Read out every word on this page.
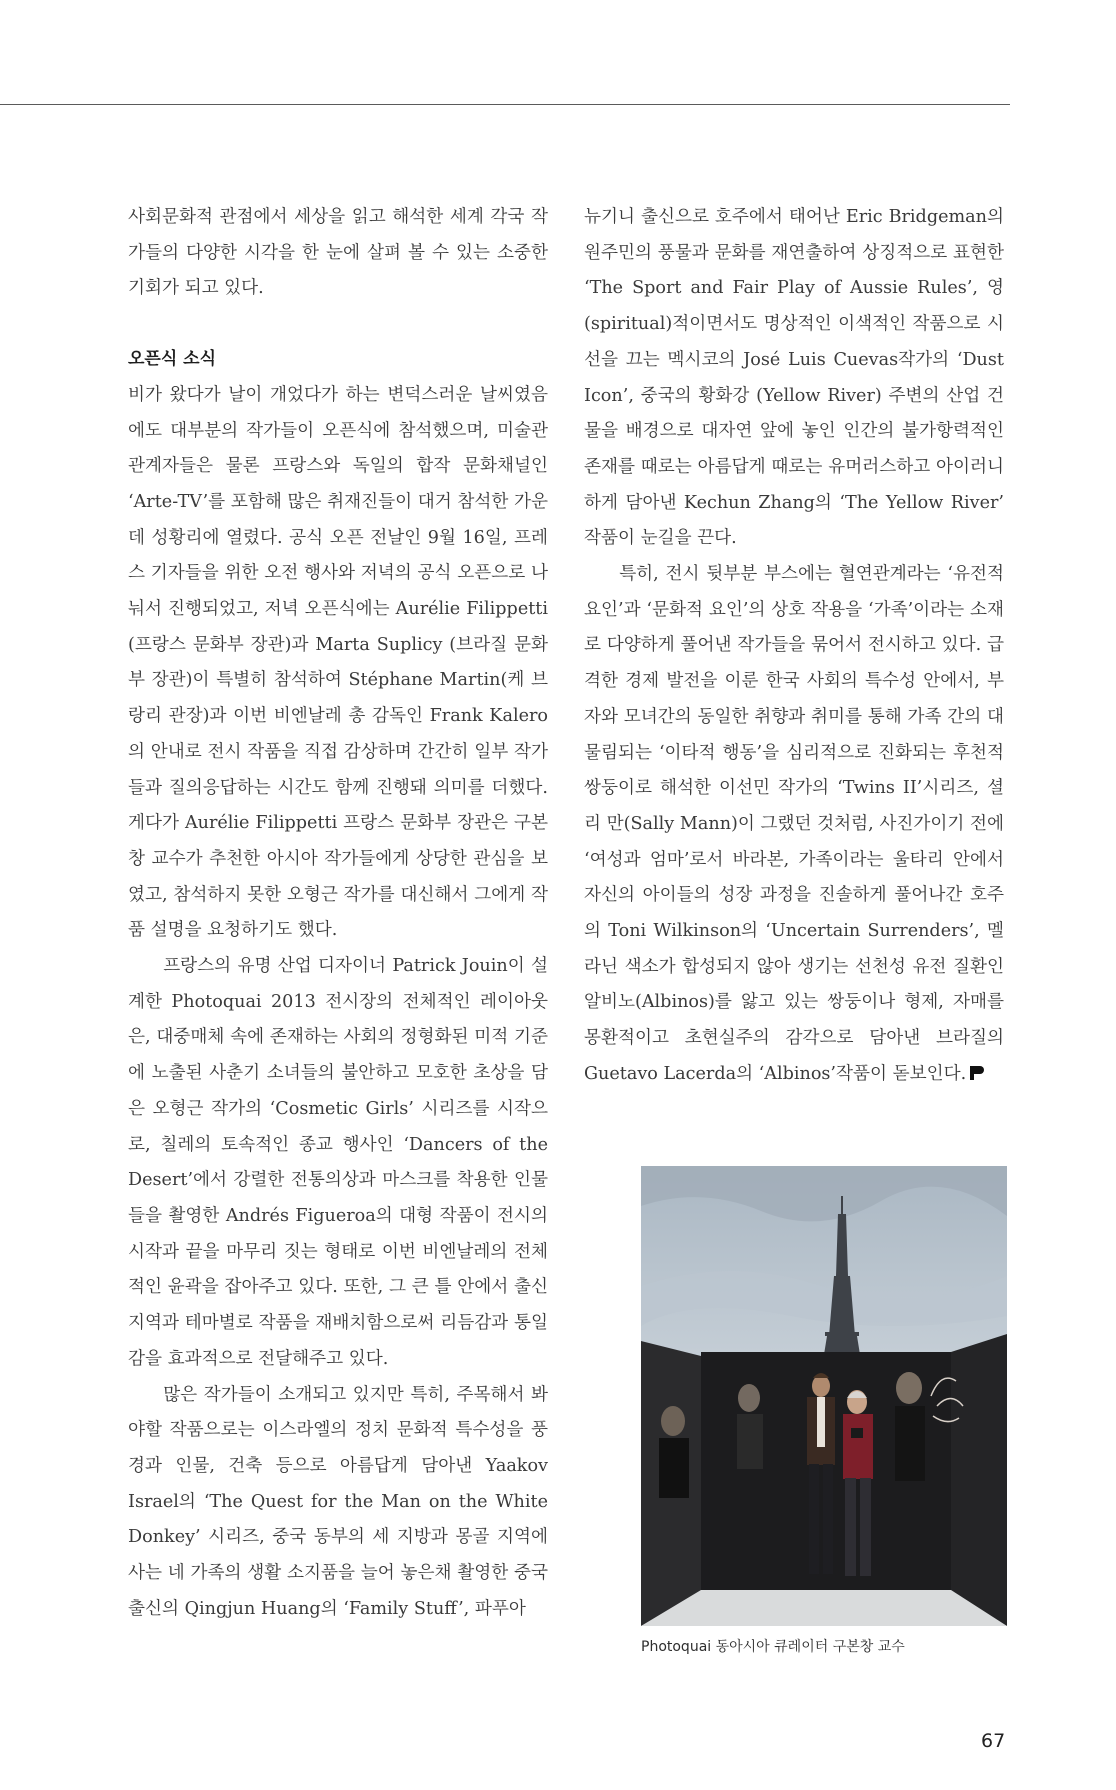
사회문화적 관점에서 세상을 읽고 해석한 세계 각국 작가들의 다양한 시각을 한 눈에 살펴 볼 수 있는 소중한 기회가 되고 있다.

오픈식 소식

비가 왔다가 날이 개었다가 하는 변덕스러운 날씨였음에도 대부분의 작가들이 오픈식에 참석했으며, 미술관 관계자들은 물론 프랑스와 독일의 합작 문화채널인 ‘Arte-TV’를 포함해 많은 취재진들이 대거 참석한 가운데 성황리에 열렸다. 공식 오픈 전날인 9월 16일, 프레스 기자들을 위한 오전 행사와 저녁의 공식 오픈으로 나눠서 진행되었고, 저녁 오픈식에는 Aurélie Filippetti (프랑스 문화부 장관)과 Marta Suplicy (브라질 문화부 장관)이 특별히 참석하여 Stéphane Martin(케 브랑리 관장)과 이번 비엔날레 총 감독인 Frank Kalero의 안내로 전시 작품을 직접 감상하며 간간히 일부 작가들과 질의응답하는 시간도 함께 진행돼 의미를 더했다. 게다가 Aurélie Filippetti 프랑스 문화부 장관은 구본창 교수가 추천한 아시아 작가들에게 상당한 관심을 보였고, 참석하지 못한 오형근 작가를 대신해서 그에게 작품 설명을 요청하기도 했다.

프랑스의 유명 산업 디자이너 Patrick Jouin이 설계한 Photoquai 2013 전시장의 전체적인 레이아웃은, 대중매체 속에 존재하는 사회의 정형화된 미적 기준에 노출된 사춘기 소녀들의 불안하고 모호한 초상을 담은 오형근 작가의 ‘Cosmetic Girls’ 시리즈를 시작으로, 칠레의 토속적인 종교 행사인 ‘Dancers of the Desert’에서 강렬한 전통의상과 마스크를 착용한 인물들을 촬영한 Andrés Figueroa의 대형 작품이 전시의 시작과 끝을 마무리 짓는 형태로 이번 비엔날레의 전체적인 윤곽을 잡아주고 있다. 또한, 그 큰 틀 안에서 출신 지역과 테마별로 작품을 재배치함으로써 리듬감과 통일감을 효과적으로 전달해주고 있다.

많은 작가들이 소개되고 있지만 특히, 주목해서 봐야할 작품으로는 이스라엘의 정치 문화적 특수성을 풍경과 인물, 건축 등으로 아름답게 담아낸 Yaakov Israel의 ‘The Quest for the Man on the White Donkey’ 시리즈, 중국 동부의 세 지방과 몽골 지역에 사는 네 가족의 생활 소지품을 늘어 놓은채 촬영한 중국 출신의 Qingjun Huang의 ‘Family Stuff’, 파푸아

뉴기니 출신으로 호주에서 태어난 Eric Bridgeman의 원주민의 풍물과 문화를 재연출하여 상징적으로 표현한 ‘The Sport and Fair Play of Aussie Rules’, 영(spiritual)적이면서도 명상적인 이색적인 작품으로 시선을 끄는 멕시코의 José Luis Cuevas작가의 ‘Dust Icon’, 중국의 황화강 (Yellow River) 주변의 산업 건물을 배경으로 대자연 앞에 놓인 인간의 불가항력적인 존재를 때로는 아름답게 때로는 유머러스하고 아이러니하게 담아낸 Kechun Zhang의 ‘The Yellow River’ 작품이 눈길을 끈다.

특히, 전시 뒷부분 부스에는 혈연관계라는 ‘유전적 요인’과 ‘문화적 요인’의 상호 작용을 ‘가족’이라는 소재로 다양하게 풀어낸 작가들을 묶어서 전시하고 있다. 급격한 경제 발전을 이룬 한국 사회의 특수성 안에서, 부자와 모녀간의 동일한 취향과 취미를 통해 가족 간의 대물림되는 ‘이타적 행동’을 심리적으로 진화되는 후천적 쌍둥이로 해석한 이선민 작가의 ‘Twins II’시리즈, 셜리 만(Sally Mann)이 그랬던 것처럼, 사진가이기 전에 ‘여성과 엄마’로서 바라본, 가족이라는 울타리 안에서 자신의 아이들의 성장 과정을 진솔하게 풀어나간 호주의 Toni Wilkinson의 ‘Uncertain Surrenders’, 멜라닌 색소가 합성되지 않아 생기는 선천성 유전 질환인 알비노(Albinos)를 앓고 있는 쌍둥이나 형제, 자매를 몽환적이고 초현실주의 감각으로 담아낸 브라질의 Guetavo Lacerda의 ‘Albinos’작품이 돋보인다.

Photoquai 동아시아 큐레이터 구본창 교수
67
